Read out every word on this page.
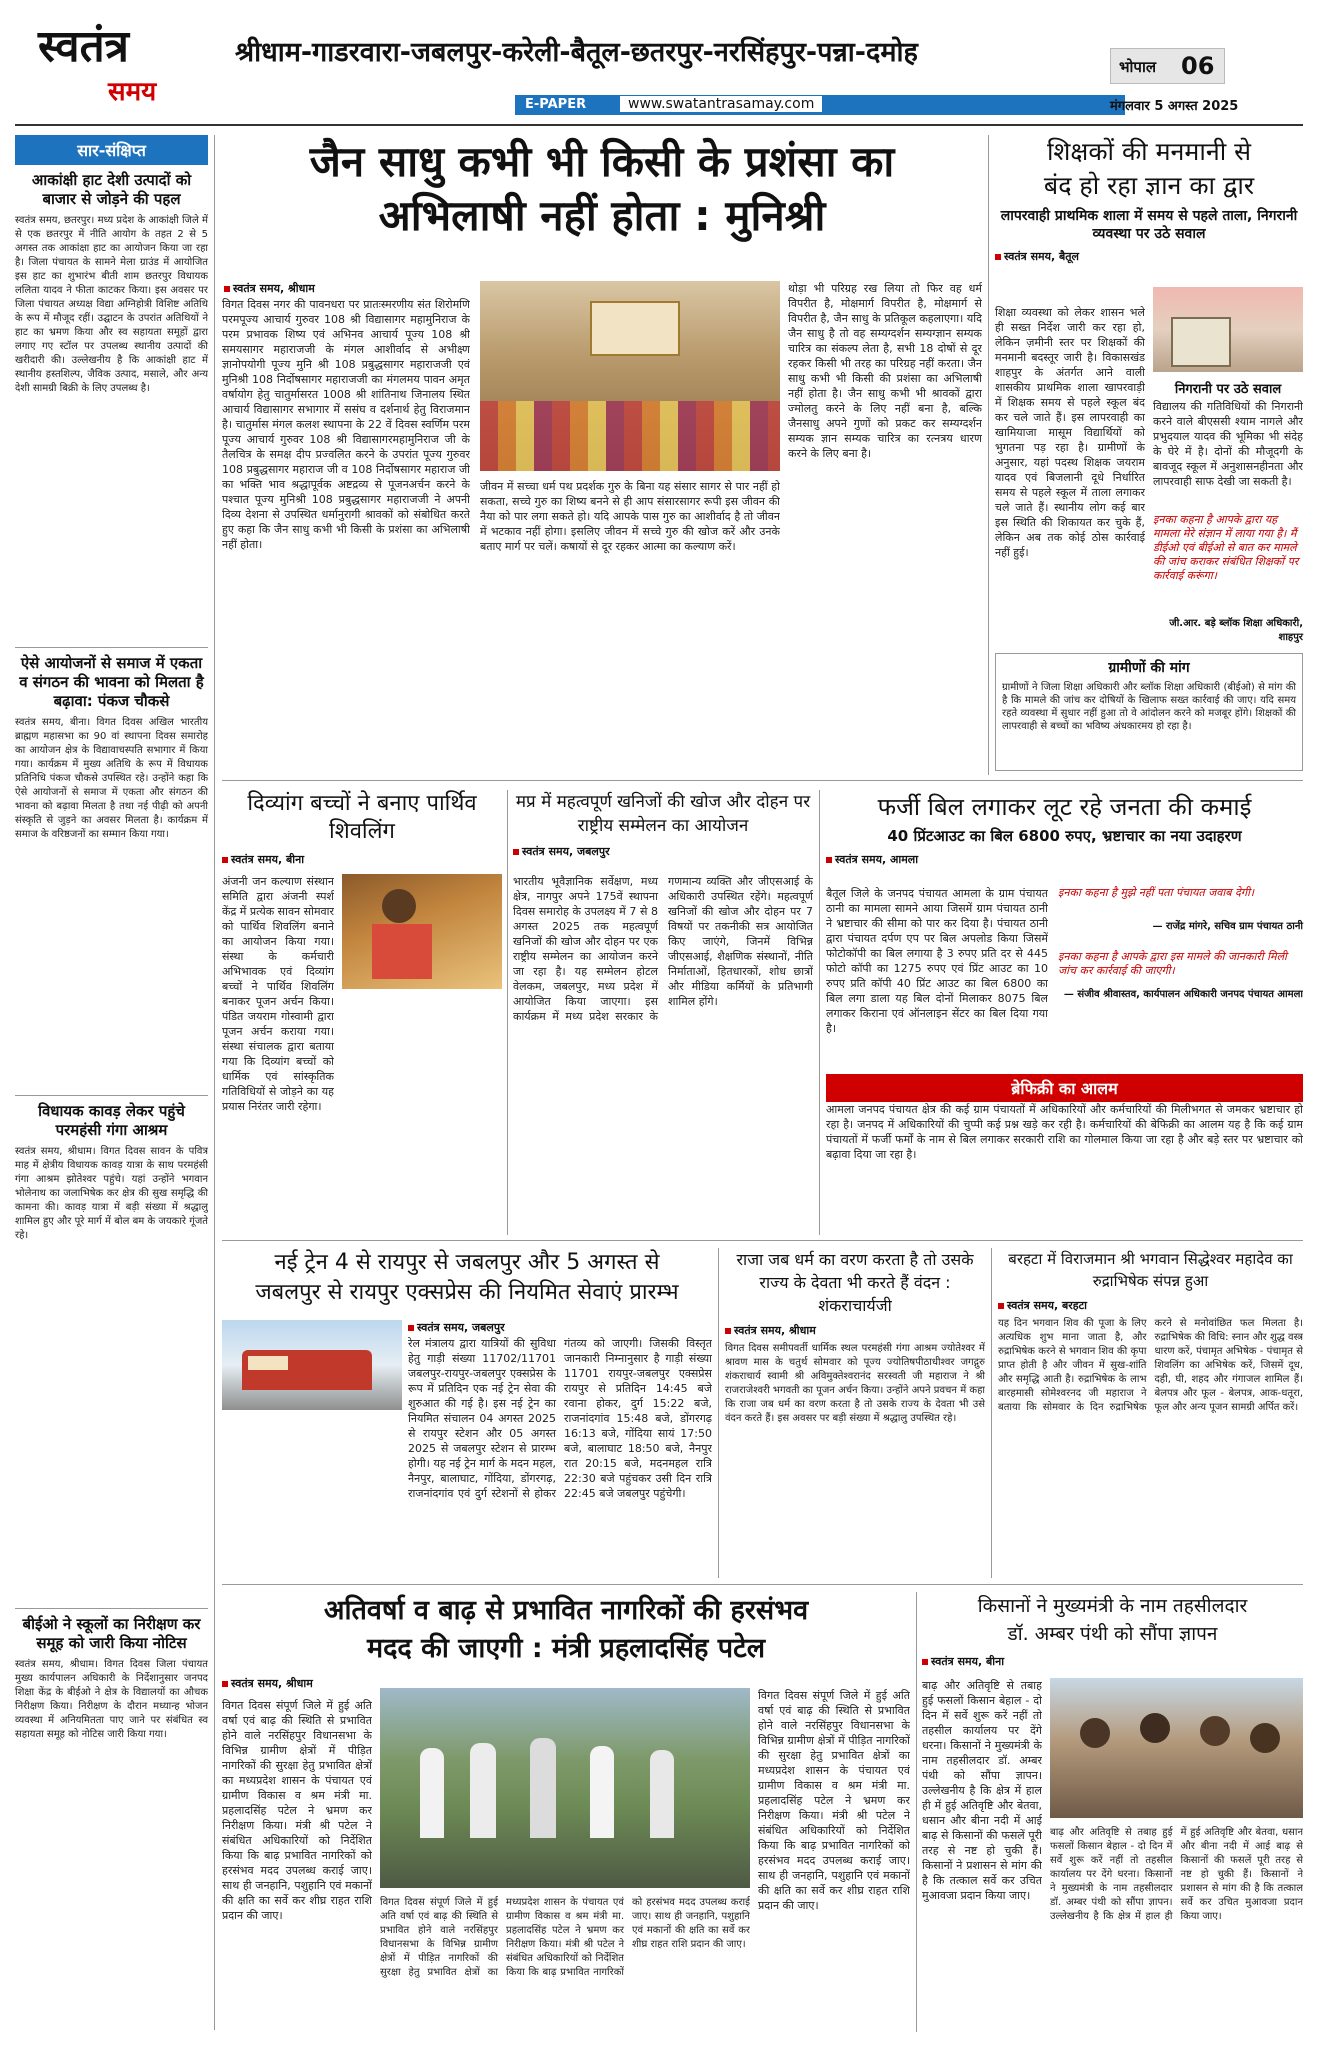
स्वतंत्र
समय
श्रीधाम-गाडरवारा-जबलपुर-करेली-बैतूल-छतरपुर-नरसिंहपुर-पन्ना-दमोह	भोपाल 06
E-PAPER	www.swatantrasamay.com	मंगलवार 5 अगस्त 2025
सार-संक्षिप्त
आकांक्षी हाट देशी उत्पादों को बाजार से जोड़ने की पहल
स्वतंत्र समय, छतरपुर। मध्य प्रदेश के आकांक्षी जिले में से एक छतरपुर में नीति आयोग के तहत 2 से 5 अगस्त तक आकांक्षा हाट का आयोजन किया जा रहा है। जिला पंचायत के सामने मेला ग्राउंड में आयोजित इस हाट का शुभारंभ बीती शाम छतरपुर विधायक ललिता यादव ने फीता काटकर किया। इस अवसर पर जिला पंचायत अध्यक्ष विद्या अग्निहोत्री विशिष्ट अतिथि के रूप में मौजूद रहीं। उद्घाटन के उपरांत अतिथियों ने हाट का भ्रमण किया और स्व सहायता समूहों द्वारा लगाए गए स्टॉल पर उपलब्ध स्थानीय उत्पादों की खरीदारी की। उल्लेखनीय है कि आकांक्षी हाट में स्थानीय हस्तशिल्प, जैविक उत्पाद, मसाले, और अन्य देशी सामग्री बिक्री के लिए उपलब्ध है।
ऐसे आयोजनों से समाज में एकता व संगठन की भावना को मिलता है बढ़ावा: पंकज चौकसे
स्वतंत्र समय, बीना। विगत दिवस अखिल भारतीय ब्राह्मण महासभा का 90 वां स्थापना दिवस समारोह का आयोजन क्षेत्र के विद्यावाचस्पति सभागार में किया गया। कार्यक्रम में मुख्य अतिथि के रूप में विधायक प्रतिनिधि पंकज चौकसे उपस्थित रहे। उन्होंने कहा कि ऐसे आयोजनों से समाज में एकता और संगठन की भावना को बढ़ावा मिलता है तथा नई पीढ़ी को अपनी संस्कृति से जुड़ने का अवसर मिलता है। कार्यक्रम में समाज के वरिष्ठजनों का सम्मान किया गया।
विधायक कावड़ लेकर पहुंचे परमहंसी गंगा आश्रम
स्वतंत्र समय, श्रीधाम। विगत दिवस सावन के पवित्र माह में क्षेत्रीय विधायक कावड़ यात्रा के साथ परमहंसी गंगा आश्रम झोतेश्वर पहुंचे। यहां उन्होंने भगवान भोलेनाथ का जलाभिषेक कर क्षेत्र की सुख समृद्धि की कामना की। कावड़ यात्रा में बड़ी संख्या में श्रद्धालु शामिल हुए और पूरे मार्ग में बोल बम के जयकारे गूंजते रहे।
बीईओ ने स्कूलों का निरीक्षण कर समूह को जारी किया नोटिस
स्वतंत्र समय, श्रीधाम। विगत दिवस जिला पंचायत मुख्य कार्यपालन अधिकारी के निर्देशानुसार जनपद शिक्षा केंद्र के बीईओ ने क्षेत्र के विद्यालयों का औचक निरीक्षण किया। निरीक्षण के दौरान मध्यान्ह भोजन व्यवस्था में अनियमितता पाए जाने पर संबंधित स्व सहायता समूह को नोटिस जारी किया गया।
जैन साधु कभी भी किसी के प्रशंसा का
अभिलाषी नहीं होता : मुनिश्री
स्वतंत्र समय, श्रीधाम
विगत दिवस नगर की पावनधरा पर प्रातःस्मरणीय संत शिरोमणि परमपूज्य आचार्य गुरुवर 108 श्री विद्यासागर महामुनिराज के परम प्रभावक शिष्य एवं अभिनव आचार्य पूज्य 108 श्री समयसागर महाराजजी के मंगल आशीर्वाद से अभीक्ष्ण ज्ञानोपयोगी पूज्य मुनि श्री 108 प्रबुद्धसागर महाराजजी एवं मुनिश्री 108 निर्दोषसागर महाराजजी का मंगलमय पावन अमृत वर्षायोग हेतु चातुर्मासरत 1008 श्री शांतिनाथ जिनालय स्थित आचार्य विद्यासागर सभागार में ससंघ व दर्शनार्थ हेतु विराजमान है। चातुर्मास मंगल कलश स्थापना के 22 वें दिवस स्वर्णिम परम पूज्य आचार्य गुरुवर 108 श्री विद्यासागरमहामुनिराज जी के तैलचित्र के समक्ष दीप प्रज्वलित करने के उपरांत पूज्य गुरुवर 108 प्रबुद्धसागर महाराज जी व 108 निर्दोषसागर महाराज जी का भक्ति भाव श्रद्धापूर्वक अष्टद्रव्य से पूजनअर्चन करने के पश्चात पूज्य मुनिश्री 108 प्रबुद्धसागर महाराजजी ने अपनी दिव्य देशना से उपस्थित धर्मानुरागी श्रावकों को संबोधित करते हुए कहा कि जैन साधु कभी भी किसी के प्रशंसा का अभिलाषी नहीं होता।
जीवन में सच्चा धर्म पथ प्रदर्शक गुरु के बिना यह संसार सागर से पार नहीं हो सकता, सच्चे गुरु का शिष्य बनने से ही आप संसारसागर रूपी इस जीवन की नैया को पार लगा सकते हो। यदि आपके पास गुरु का आशीर्वाद है तो जीवन में भटकाव नहीं होगा। इसलिए जीवन में सच्चे गुरु की खोज करें और उनके बताए मार्ग पर चलें। कषायों से दूर रहकर आत्मा का कल्याण करें।
थोड़ा भी परिग्रह रख लिया तो फिर वह धर्म विपरीत है, मोक्षमार्ग विपरीत है, मोक्षमार्ग से विपरीत है, जैन साधु के प्रतिकूल कहलाएगा। यदि जैन साधु है तो वह सम्यग्दर्शन सम्यग्ज्ञान सम्यक चारित्र का संकल्प लेता है, सभी 18 दोषों से दूर रहकर किसी भी तरह का परिग्रह नहीं करता। जैन साधु कभी भी किसी की प्रशंसा का अभिलाषी नहीं होता है। जैन साधु कभी भी श्रावकों द्वारा ज्मोलतु करने के लिए नहीं बना है, बल्कि जैनसाधु अपने गुणों को प्रकट कर सम्यग्दर्शन सम्यक ज्ञान सम्यक चारित्र का रत्नत्रय धारण करने के लिए बना है।
शिक्षकों की मनमानी से
बंद हो रहा ज्ञान का द्वार
लापरवाही प्राथमिक शाला में समय से पहले ताला, निगरानी व्यवस्था पर उठे सवाल
स्वतंत्र समय, बैतूल
शिक्षा व्यवस्था को लेकर शासन भले ही सख्त निर्देश जारी कर रहा हो, लेकिन ज़मीनी स्तर पर शिक्षकों की मनमानी बदस्तूर जारी है। विकासखंड शाहपुर के अंतर्गत आने वाली शासकीय प्राथमिक शाला खापरवाड़ी में शिक्षक समय से पहले स्कूल बंद कर चले जाते हैं। इस लापरवाही का खामियाजा मासूम विद्यार्थियों को भुगतना पड़ रहा है। ग्रामीणों के अनुसार, यहां पदस्थ शिक्षक जयराम यादव एवं बिजलानी दूधे निर्धारित समय से पहले स्कूल में ताला लगाकर चले जाते हैं। स्थानीय लोग कई बार इस स्थिति की शिकायत कर चुके हैं, लेकिन अब तक कोई ठोस कार्रवाई नहीं हुई।
निगरानी पर उठे सवाल
विद्यालय की गतिविधियों की निगरानी करने वाले बीएससी श्याम नागले और प्रभुदयाल यादव की भूमिका भी संदेह के घेरे में है। दोनों की मौजूदगी के बावजूद स्कूल में अनुशासनहीनता और लापरवाही साफ देखी जा सकती है।
इनका कहना है आपके द्वारा यह मामला मेरे संज्ञान में लाया गया है। मैं डीईओ एवं बीईओ से बात कर मामले की जांच कराकर संबंधित शिक्षकों पर कार्रवाई करूंगा।
जी.आर. बड़े ब्लॉक शिक्षा अधिकारी, शाहपुर
ग्रामीणों की मांग
ग्रामीणों ने जिला शिक्षा अधिकारी और ब्लॉक शिक्षा अधिकारी (बीईओ) से मांग की है कि मामले की जांच कर दोषियों के खिलाफ सख्त कार्रवाई की जाए। यदि समय रहते व्यवस्था में सुधार नहीं हुआ तो वे आंदोलन करने को मजबूर होंगे। शिक्षकों की लापरवाही से बच्चों का भविष्य अंधकारमय हो रहा है।
दिव्यांग बच्चों ने बनाए पार्थिव शिवलिंग
स्वतंत्र समय, बीना
अंजनी जन कल्याण संस्थान समिति द्वारा अंजनी स्पर्श केंद्र में प्रत्येक सावन सोमवार को पार्थिव शिवलिंग बनाने का आयोजन किया गया। संस्था के कर्मचारी अभिभावक एवं दिव्यांग बच्चों ने पार्थिव शिवलिंग बनाकर पूजन अर्चन किया। पंडित जयराम गोस्वामी द्वारा पूजन अर्चन कराया गया। संस्था संचालक द्वारा बताया गया कि दिव्यांग बच्चों को धार्मिक एवं सांस्कृतिक गतिविधियों से जोड़ने का यह प्रयास निरंतर जारी रहेगा।
मप्र में महत्वपूर्ण खनिजों की खोज और दोहन पर राष्ट्रीय सम्मेलन का आयोजन
स्वतंत्र समय, जबलपुर
भारतीय भूवैज्ञानिक सर्वेक्षण, मध्य क्षेत्र, नागपुर अपने 175वें स्थापना दिवस समारोह के उपलक्ष्य में 7 से 8 अगस्त 2025 तक महत्वपूर्ण खनिजों की खोज और दोहन पर एक राष्ट्रीय सम्मेलन का आयोजन करने जा रहा है। यह सम्मेलन होटल वेलकम, जबलपुर, मध्य प्रदेश में आयोजित किया जाएगा। इस कार्यक्रम में मध्य प्रदेश सरकार के गणमान्य व्यक्ति और जीएसआई के अधिकारी उपस्थित रहेंगे। महत्वपूर्ण खनिजों की खोज और दोहन पर 7 विषयों पर तकनीकी सत्र आयोजित किए जाएंगे, जिनमें विभिन्न जीएसआई, शैक्षणिक संस्थानों, नीति निर्माताओं, हितधारकों, शोध छात्रों और मीडिया कर्मियों के प्रतिभागी शामिल होंगे।
फर्जी बिल लगाकर लूट रहे जनता की कमाई
40 प्रिंटआउट का बिल 6800 रुपए, भ्रष्टाचार का नया उदाहरण
स्वतंत्र समय, आमला
बैतूल जिले के जनपद पंचायत आमला के ग्राम पंचायत ठानी का मामला सामने आया जिसमें ग्राम पंचायत ठानी ने भ्रष्टाचार की सीमा को पार कर दिया है। पंचायत ठानी द्वारा पंचायत दर्पण एप पर बिल अपलोड किया जिसमें फोटोकॉपी का बिल लगाया है 3 रुपए प्रति दर से 445 फोटो कॉपी का 1275 रुपए एवं प्रिंट आउट का 10 रुपए प्रति कॉपी 40 प्रिंट आउट का बिल 6800 का बिल लगा डाला यह बिल दोनों मिलाकर 8075 बिल लगाकर किराना एवं ऑनलाइन सेंटर का बिल दिया गया है।
इनका कहना है मुझे नहीं पता पंचायत जवाब देगी।
— राजेंद्र मांगरे, सचिव ग्राम पंचायत ठानी
इनका कहना है आपके द्वारा इस मामले की जानकारी मिली जांच कर कार्रवाई की जाएगी।
— संजीव श्रीवास्तव, कार्यपालन अधिकारी जनपद पंचायत आमला
ब्रेफिक्री का आलम
आमला जनपद पंचायत क्षेत्र की कई ग्राम पंचायतों में अधिकारियों और कर्मचारियों की मिलीभगत से जमकर भ्रष्टाचार हो रहा है। जनपद में अधिकारियों की चुप्पी कई प्रश्न खड़े कर रही है। कर्मचारियों की बेफिक्री का आलम यह है कि कई ग्राम पंचायतों में फर्जी फर्मों के नाम से बिल लगाकर सरकारी राशि का गोलमाल किया जा रहा है और बड़े स्तर पर भ्रष्टाचार को बढ़ावा दिया जा रहा है।
नई ट्रेन 4 से रायपुर से जबलपुर और 5 अगस्त से
जबलपुर से रायपुर एक्सप्रेस की नियमित सेवाएं प्रारम्भ
स्वतंत्र समय, जबलपुर
रेल मंत्रालय द्वारा यात्रियों की सुविधा हेतु गाड़ी संख्या 11702/11701 जबलपुर-रायपुर-जबलपुर एक्सप्रेस के रूप में प्रतिदिन एक नई ट्रेन सेवा की शुरुआत की गई है। इस नई ट्रेन का नियमित संचालन 04 अगस्त 2025 से रायपुर स्टेशन और 05 अगस्त 2025 से जबलपुर स्टेशन से प्रारम्भ होगी। यह नई ट्रेन मार्ग के मदन महल, नैनपुर, बालाघाट, गोंदिया, डोंगरगढ़, राजनांदगांव एवं दुर्ग स्टेशनों से होकर गंतव्य को जाएगी। जिसकी विस्तृत जानकारी निम्नानुसार है गाड़ी संख्या 11701 रायपुर-जबलपुर एक्सप्रेस रायपुर से प्रतिदिन 14:45 बजे रवाना होकर, दुर्ग 15:22 बजे, राजनांदगांव 15:48 बजे, डोंगरगढ़ 16:13 बजे, गोंदिया सायं 17:50 बजे, बालाघाट 18:50 बजे, नैनपुर रात 20:15 बजे, मदनमहल रात्रि 22:30 बजे पहुंचकर उसी दिन रात्रि 22:45 बजे जबलपुर पहुंचेगी।
राजा जब धर्म का वरण करता है तो उसके राज्य के देवता भी करते हैं वंदन : शंकराचार्यजी
स्वतंत्र समय, श्रीधाम
विगत दिवस समीपवर्ती धार्मिक स्थल परमहंसी गंगा आश्रम ज्योतेश्वर में श्रावण मास के चतुर्थ सोमवार को पूज्य ज्योतिषपीठाधीश्वर जगद्गुरु शंकराचार्य स्वामी श्री अविमुक्तेश्वरानंद सरस्वती जी महाराज ने श्री राजराजेश्वरी भगवती का पूजन अर्चन किया। उन्होंने अपने प्रवचन में कहा कि राजा जब धर्म का वरण करता है तो उसके राज्य के देवता भी उसे वंदन करते हैं। इस अवसर पर बड़ी संख्या में श्रद्धालु उपस्थित रहे।
बरहटा में विराजमान श्री भगवान सिद्धेश्वर महादेव का रुद्राभिषेक संपन्न हुआ
स्वतंत्र समय, बरहटा
यह दिन भगवान शिव की पूजा के लिए अत्यधिक शुभ माना जाता है, और रुद्राभिषेक करने से भगवान शिव की कृपा प्राप्त होती है और जीवन में सुख-शांति और समृद्धि आती है। रुद्राभिषेक के लाभ बारहमासी सोमेश्वरनद जी महाराज ने बताया कि सोमवार के दिन रुद्राभिषेक करने से मनोवांछित फल मिलता है। रुद्राभिषेक की विधि: स्नान और शुद्ध वस्त्र धारण करें, पंचामृत अभिषेक - पंचामृत से शिवलिंग का अभिषेक करें, जिसमें दूध, दही, घी, शहद और गंगाजल शामिल हैं। बेलपत्र और फूल - बेलपत्र, आक-धतूरा, फूल और अन्य पूजन सामग्री अर्पित करें।
अतिवर्षा व बाढ़ से प्रभावित नागरिकों की हरसंभव
मदद की जाएगी : मंत्री प्रहलादसिंह पटेल
स्वतंत्र समय, श्रीधाम
विगत दिवस संपूर्ण जिले में हुई अति वर्षा एवं बाढ़ की स्थिति से प्रभावित होने वाले नरसिंहपुर विधानसभा के विभिन्न ग्रामीण क्षेत्रों में पीड़ित नागरिकों की सुरक्षा हेतु प्रभावित क्षेत्रों का मध्यप्रदेश शासन के पंचायत एवं ग्रामीण विकास व श्रम मंत्री मा. प्रहलादसिंह पटेल ने भ्रमण कर निरीक्षण किया। मंत्री श्री पटेल ने संबंधित अधिकारियों को निर्देशित किया कि बाढ़ प्रभावित नागरिकों को हरसंभव मदद उपलब्ध कराई जाए। साथ ही जनहानि, पशुहानि एवं मकानों की क्षति का सर्वे कर शीघ्र राहत राशि प्रदान की जाए।
विगत दिवस संपूर्ण जिले में हुई अति वर्षा एवं बाढ़ की स्थिति से प्रभावित होने वाले नरसिंहपुर विधानसभा के विभिन्न ग्रामीण क्षेत्रों में पीड़ित नागरिकों की सुरक्षा हेतु प्रभावित क्षेत्रों का मध्यप्रदेश शासन के पंचायत एवं ग्रामीण विकास व श्रम मंत्री मा. प्रहलादसिंह पटेल ने भ्रमण कर निरीक्षण किया। मंत्री श्री पटेल ने संबंधित अधिकारियों को निर्देशित किया कि बाढ़ प्रभावित नागरिकों को हरसंभव मदद उपलब्ध कराई जाए। साथ ही जनहानि, पशुहानि एवं मकानों की क्षति का सर्वे कर शीघ्र राहत राशि प्रदान की जाए।
विगत दिवस संपूर्ण जिले में हुई अति वर्षा एवं बाढ़ की स्थिति से प्रभावित होने वाले नरसिंहपुर विधानसभा के विभिन्न ग्रामीण क्षेत्रों में पीड़ित नागरिकों की सुरक्षा हेतु प्रभावित क्षेत्रों का मध्यप्रदेश शासन के पंचायत एवं ग्रामीण विकास व श्रम मंत्री मा. प्रहलादसिंह पटेल ने भ्रमण कर निरीक्षण किया। मंत्री श्री पटेल ने संबंधित अधिकारियों को निर्देशित किया कि बाढ़ प्रभावित नागरिकों को हरसंभव मदद उपलब्ध कराई जाए। साथ ही जनहानि, पशुहानि एवं मकानों की क्षति का सर्वे कर शीघ्र राहत राशि प्रदान की जाए।
किसानों ने मुख्यमंत्री के नाम तहसीलदार
डॉ. अम्बर पंथी को सौंपा ज्ञापन
स्वतंत्र समय, बीना
बाढ़ और अतिवृष्टि से तबाह हुई फसलों किसान बेहाल - दो दिन में सर्वे शुरू करें नहीं तो तहसील कार्यालय पर देंगे धरना। किसानों ने मुख्यमंत्री के नाम तहसीलदार डॉ. अम्बर पंथी को सौंपा ज्ञापन। उल्लेखनीय है कि क्षेत्र में हाल ही में हुई अतिवृष्टि और बेतवा, धसान और बीना नदी में आई बाढ़ से किसानों की फसलें पूरी तरह से नष्ट हो चुकी हैं। किसानों ने प्रशासन से मांग की है कि तत्काल सर्वे कर उचित मुआवजा प्रदान किया जाए।
बाढ़ और अतिवृष्टि से तबाह हुई फसलों किसान बेहाल - दो दिन में सर्वे शुरू करें नहीं तो तहसील कार्यालय पर देंगे धरना। किसानों ने मुख्यमंत्री के नाम तहसीलदार डॉ. अम्बर पंथी को सौंपा ज्ञापन। उल्लेखनीय है कि क्षेत्र में हाल ही में हुई अतिवृष्टि और बेतवा, धसान और बीना नदी में आई बाढ़ से किसानों की फसलें पूरी तरह से नष्ट हो चुकी हैं। किसानों ने प्रशासन से मांग की है कि तत्काल सर्वे कर उचित मुआवजा प्रदान किया जाए।
